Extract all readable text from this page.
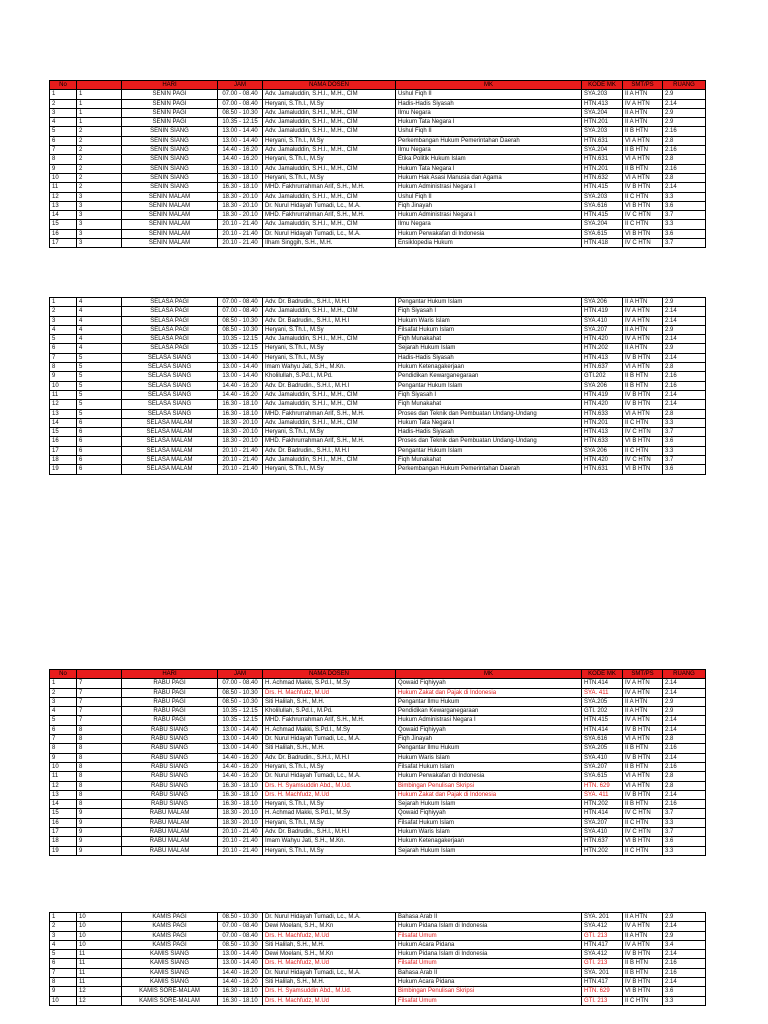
No		HARI	JAM	NAMA DOSEN	MK	KODE MK	SMT/PS	RUANG
1	1	SENIN PAGI	07.00 - 08.40	Adv. Jamaluddin, S.H.I., M.H., CIM	Ushul Fiqh II	SYA.203	II A HTN	2.9
2	1	SENIN PAGI	07.00 - 08.40	Heryani, S.Th.I., M.Sy	Hadis-Hadis Siyasah	HTN.413	IV A HTN	2.14
3	1	SENIN PAGI	08.50 - 10.30	Adv. Jamaluddin, S.H.I., M.H., CIM	Ilmu Negara	SYA.204	II A HTN	2.9
4	1	SENIN PAGI	10.35 - 12.15	Adv. Jamaluddin, S.H.I., M.H., CIM	Hukum Tata Negara I	HTN.201	II A HTN	2.9
5	2	SENIN SIANG	13.00 - 14.40	Adv. Jamaluddin, S.H.I., M.H., CIM	Ushul Fiqh II	SYA.203	II B HTN	2.16
6	2	SENIN SIANG	13.00 - 14.40	Heryani, S.Th.I., M.Sy	Perkembangan Hukum Pemerintahan Daerah	HTN.631	VI A HTN	2.8
7	2	SENIN SIANG	14.40 - 16.20	Adv. Jamaluddin, S.H.I., M.H., CIM	Ilmu Negara	SYA.204	II B HTN	2.16
8	2	SENIN SIANG	14.40 - 16.20	Heryani, S.Th.I., M.Sy	Etika Politik Hukum Islam	HTN.631	VI A HTN	2.8
9	2	SENIN SIANG	16.30 - 18.10	Adv. Jamaluddin, S.H.I., M.H., CIM	Hukum Tata Negara I	HTN.201	II B HTN	2.16
10	2	SENIN SIANG	16.30 - 18.10	Heryani, S.Th.I., M.Sy	Hukum Hak Asasi Manusia dan Agama	HTN.632	VI A HTN	2.8
11	2	SENIN SIANG	16.30 - 18.10	MHD. Fakhrurrahman Arif, S.H., M.H.	Hukum Administrasi Negara I	HTN.415	IV B HTN	2.14
12	3	SENIN MALAM	18.30 - 20.10	Adv. Jamaluddin, S.H.I., M.H., CIM	Ushul Fiqh II	SYA.203	II C HTN	3.3
13	3	SENIN MALAM	18.30 - 20.10	Dr. Nurul Hidayah Tumadi, Lc., M.A.	Fiqh Jinayah	SYA.616	VI B HTN	3.6
14	3	SENIN MALAM	18.30 - 20.10	MHD. Fakhrurrahman Arif, S.H., M.H.	Hukum Administrasi Negara I	HTN.415	IV C HTN	3.7
15	3	SENIN MALAM	20.10 - 21.40	Adv. Jamaluddin, S.H.I., M.H., CIM	Ilmu Negara	SYA.204	II C HTN	3.3
16	3	SENIN MALAM	20.10 - 21.40	Dr. Nurul Hidayah Tumadi, Lc., M.A.	Hukum Perwakafan di Indonesia	SYA.615	VI B HTN	3.6
17	3	SENIN MALAM	20.10 - 21.40	Ilham Singgih, S.H., M.H.	Ensiklopedia Hukum	HTN.418	IV C HTN	3.7
1	4	SELASA PAGI	07.00 - 08.40	Adv. Dr. Badrudin., S.H.I., M.H.I	Pengantar Hukum Islam	SYA 206	II A HTN	2.9
2	4	SELASA PAGI	07.00 - 08.40	Adv. Jamaluddin, S.H.I., M.H., CIM	Fiqh Siyasah I	HTN.419	IV A HTN	2.14
3	4	SELASA PAGI	08.50 - 10.30	Adv. Dr. Badrudin., S.H.I., M.H.I	Hukum Waris Islam	SYA.410	IV A HTN	2.14
4	4	SELASA PAGI	08.50 - 10.30	Heryani, S.Th.I., M.Sy	Filsafat Hukum Islam	SYA.207	II A HTN	2.9
5	4	SELASA PAGI	10.35 - 12.15	Adv. Jamaluddin, S.H.I., M.H., CIM	Fiqh Munakahat	HTN.420	IV A HTN	2.14
6	4	SELASA PAGI	10.35 - 12.15	Heryani, S.Th.I., M.Sy	Sejarah Hukum Islam	HTN.202	II A HTN	2.9
7	5	SELASA SIANG	13.00 - 14.40	Heryani, S.Th.I., M.Sy	Hadis-Hadis Siyasah	HTN.413	IV B HTN	2.14
8	5	SELASA SIANG	13.00 - 14.40	Imam Wahyu Jati, S.H., M.Kn.	Hukum Ketenagakerjaan	HTN.637	VI A HTN	2.8
9	5	SELASA SIANG	13.00 - 14.40	Kholilullah, S.Pd.I., M.Pd.	Pendidikan Kewarganegaraan	GTI.202	II B HTN	2.16
10	5	SELASA SIANG	14.40 - 16.20	Adv. Dr. Badrudin., S.H.I., M.H.I	Pengantar Hukum Islam	SYA 206	II B HTN	2.16
11	5	SELASA SIANG	14.40 - 16.20	Adv. Jamaluddin, S.H.I., M.H., CIM	Fiqh Siyasah I	HTN.419	IV B HTN	2.14
12	5	SELASA SIANG	16.30 - 18.10	Adv. Jamaluddin, S.H.I., M.H., CIM	Fiqh Munakahat	HTN.420	IV B HTN	2.14
13	5	SELASA SIANG	16.30 - 18.10	MHD. Fakhrurrahman Arif, S.H., M.H.	Proses dan Teknik dan Pembuatan Undang-Undang	HTN.633	VI A HTN	2.8
14	6	SELASA MALAM	18.30 - 20.10	Adv. Jamaluddin, S.H.I., M.H., CIM	Hukum Tata Negara I	HTN.201	II C HTN	3.3
15	6	SELASA MALAM	18.30 - 20.10	Heryani, S.Th.I., M.Sy	Hadis-Hadis Siyasah	HTN.413	IV C HTN	3.7
16	6	SELASA MALAM	18.30 - 20.10	MHD. Fakhrurrahman Arif, S.H., M.H.	Proses dan Teknik dan Pembuatan Undang-Undang	HTN.633	VI B HTN	3.6
17	6	SELASA MALAM	20.10 - 21.40	Adv. Dr. Badrudin., S.H.I., M.H.I	Pengantar Hukum Islam	SYA 206	II C HTN	3.3
18	6	SELASA MALAM	20.10 - 21.40	Adv. Jamaluddin, S.H.I., M.H., CIM	Fiqh Munakahat	HTN.420	IV C HTN	3.7
19	6	SELASA MALAM	20.10 - 21.40	Heryani, S.Th.I., M.Sy	Perkembangan Hukum Pemerintahan Daerah	HTN.631	VI B HTN	3.6
No		HARI	JAM	NAMA DOSEN	MK	KODE MK	SMT/PS	RUANG
1	7	RABU PAGI	07.00 - 08.40	H. Achmad Makki, S.Pd.I., M.Sy	Qowaid Fiqhiyyah	HTN.414	IV A HTN	2.14
2	7	RABU PAGI	08.50 - 10.30	Drs. H. Machfudz, M.Ud	Hukum Zakat dan Pajak di Indonesia	SYA. 411	IV A HTN	2.14
3	7	RABU PAGI	08.50 - 10.30	Siti Halilah, S.H., M.H.	Pengantar Ilmu Hukum	SYA.205	II A HTN	2.9
4	7	RABU PAGI	10.35 - 12.15	Kholilullah, S.Pd.I., M.Pd.	Pendidikan Kewarganegaraan	GTI. 202	II A HTN	2.9
5	7	RABU PAGI	10.35 - 12.15	MHD. Fakhrurrahman Arif, S.H., M.H.	Hukum Administrasi Negara I	HTN.415	IV A HTN	2.14
6	8	RABU SIANG	13.00 - 14.40	H. Achmad Makki, S.Pd.I., M.Sy	Qowaid Fiqhiyyah	HTN.414	IV B HTN	2.14
7	8	RABU SIANG	13.00 - 14.40	Dr. Nurul Hidayah Tumadi, Lc., M.A.	Fiqh Jinayah	SYA.616	VI A HTN	2.8
8	8	RABU SIANG	13.00 - 14.40	Siti Halilah, S.H., M.H.	Pengantar Ilmu Hukum	SYA.205	II B HTN	2.16
9	8	RABU SIANG	14.40 - 16.20	Adv. Dr. Badrudin., S.H.I., M.H.I	Hukum Waris Islam	SYA.410	IV B HTN	2.14
10	8	RABU SIANG	14.40 - 16.20	Heryani, S.Th.I., M.Sy	Filsafat Hukum Islam	SYA.207	II B HTN	2.16
11	8	RABU SIANG	14.40 - 16.20	Dr. Nurul Hidayah Tumadi, Lc., M.A.	Hukum Perwakafan di Indonesia	SYA.615	VI A HTN	2.8
12	8	RABU SIANG	16.30 - 18.10	Drs. H. Syamsuddin Abd., M.Ud.	Bimbingan Penulisan Skripsi	HTN. 629	VI A HTN	2.8
13	8	RABU SIANG	16.30 - 18.10	Drs. H. Machfudz, M.Ud	Hukum Zakat dan Pajak di Indonesia	SYA. 411	IV B HTN	2.14
14	8	RABU SIANG	16.30 - 18.10	Heryani, S.Th.I., M.Sy	Sejarah Hukum Islam	HTN.202	II B HTN	2.16
15	9	RABU MALAM	18.30 - 20.10	H. Achmad Makki, S.Pd.I., M.Sy	Qowaid Fiqhiyyah	HTN.414	IV C HTN	3.7
16	9	RABU MALAM	18.30 - 20.10	Heryani, S.Th.I., M.Sy	Filsafat Hukum Islam	SYA.207	II C HTN	3.3
17	9	RABU MALAM	20.10 - 21.40	Adv. Dr. Badrudin., S.H.I., M.H.I	Hukum Waris Islam	SYA.410	IV C HTN	3.7
18	9	RABU MALAM	20.10 - 21.40	Imam Wahyu Jati, S.H., M.Kn.	Hukum Ketenagakerjaan	HTN.637	VI B HTN	3.6
19	9	RABU MALAM	20.10 - 21.40	Heryani, S.Th.I., M.Sy	Sejarah Hukum Islam	HTN.202	II C HTN	3.3
1	10	KAMIS PAGI	08.50 - 10.30	Dr. Nurul Hidayah Tumadi, Lc., M.A.	Bahasa Arab II	SYA. 201	II A HTN	2.9
2	10	KAMIS PAGI	07.00 - 08.40	Dewi Moelani, S.H., M.Kn	Hukum Pidana Islam di Indonesia	SYA.412	IV A HTN	2.14
3	10	KAMIS PAGI	07.00 - 08.40	Drs. H. Machfudz, M.Ud	Filsafat Umum	GTI. 213	II A HTN	2.9
4	10	KAMIS PAGI	08.50 - 10.30	Siti Halilah, S.H., M.H.	Hukum Acara Pidana	HTN.417	IV A HTN	3.4
5	11	KAMIS SIANG	13.00 - 14.40	Dewi Moelani, S.H., M.Kn	Hukum Pidana Islam di Indonesia	SYA.412	IV B HTN	2.14
6	11	KAMIS SIANG	13.00 - 14.40	Drs. H. Machfudz, M.Ud	Filsafat Umum	GTI. 213	II B HTN	2.16
7	11	KAMIS SIANG	14.40 - 16.20	Dr. Nurul Hidayah Tumadi, Lc., M.A.	Bahasa Arab II	SYA. 201	II B HTN	2.16
8	11	KAMIS SIANG	14.40 - 16.20	Siti Halilah, S.H., M.H.	Hukum Acara Pidana	HTN.417	IV B HTN	2.14
9	12	KAMIS SORE-MALAM	16.30 - 18.10	Drs. H. Syamsuddin Abd., M.Ud.	Bimbingan Penulisan Skripsi	HTN. 629	VI B HTN	3.6
10	12	KAMIS SORE-MALAM	16.30 - 18.10	Drs. H. Machfudz, M.Ud	Filsafat Umum	GTI. 213	II C HTN	3.3
